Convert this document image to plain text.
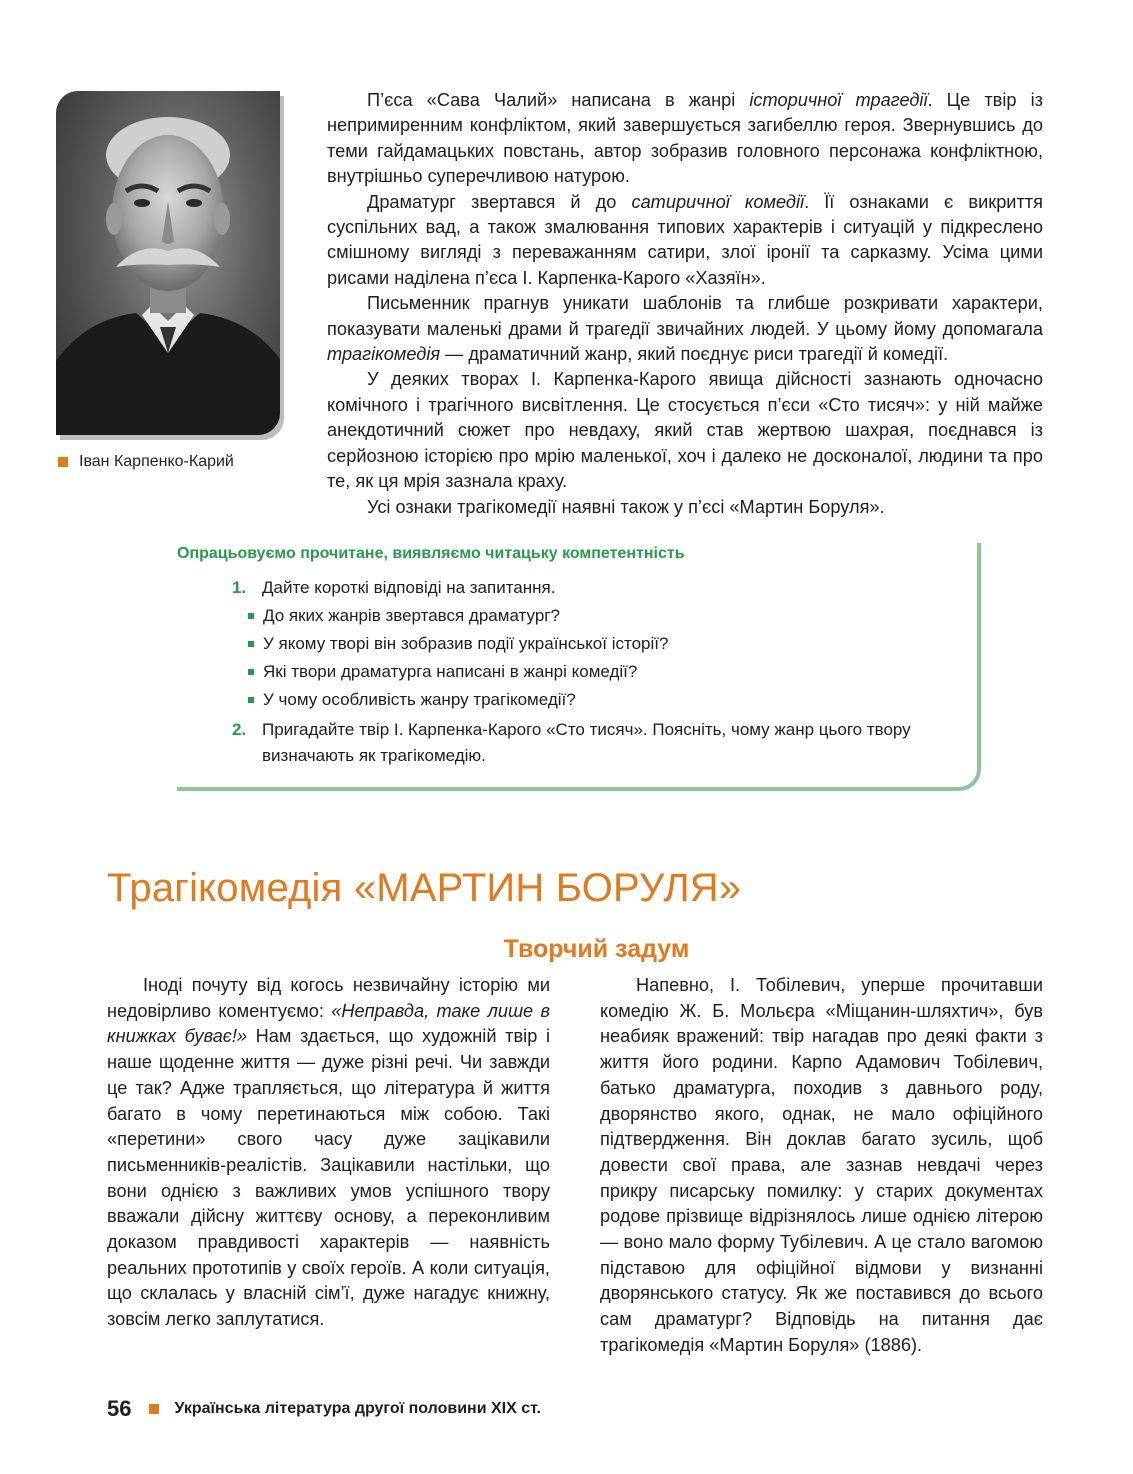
Іван Карпенко-Карий

П’єса «Сава Чалий» написана в жанрі історичної трагедії. Це твір із непримиренним конфліктом, який завершується загибеллю героя. Звернувшись до теми гайдамацьких повстань, автор зобразив головного персонажа конфліктною, внутрішньо суперечливою натурою.

Драматург звертався й до сатиричної комедії. Її ознаками є викриття суспільних вад, а також змалювання типових характерів і ситуацій у підкреслено смішному вигляді з переважанням сатири, злої іронії та сарказму. Усіма цими рисами наділена п’єса І. Карпенка-Карого «Хазяїн».

Письменник прагнув уникати шаблонів та глибше розкривати характери, показувати маленькі драми й трагедії звичайних людей. У цьому йому допомагала трагікомедія — драматичний жанр, який поєднує риси трагедії й комедії.

У деяких творах І. Карпенка-Карого явища дійсності зазнають одночасно комічного і трагічного висвітлення. Це стосується п’єси «Сто тисяч»: у ній майже анекдотичний сюжет про невдаху, який став жертвою шахрая, поєднався із серйозною історією про мрію маленької, хоч і далеко не досконалої, людини та про те, як ця мрія зазнала краху.

Усі ознаки трагікомедії наявні також у п’єсі «Мартин Боруля».

Опрацьовуємо прочитане, виявляємо читацьку компетентність
1. Дайте короткі відповіді на запитання.
До яких жанрів звертався драматург?
У якому творі він зобразив події української історії?
Які твори драматурга написані в жанрі комедії?
У чому особливість жанру трагікомедії?
2. Пригадайте твір І. Карпенка-Карого «Сто тисяч». Поясніть, чому жанр цього твору визначають як трагікомедію.
Трагікомедія «МАРТИН БОРУЛЯ»
Творчий задум

Іноді почуту від когось незвичайну історію ми недовірливо коментуємо: «Неправда, таке лише в книжках буває!» Нам здається, що художній твір і наше щоденне життя — дуже різні речі. Чи завжди це так? Адже трапляється, що література й життя багато в чому перетинаються між собою. Такі «перетини» свого часу дуже зацікавили письменників-реалістів. Зацікавили настільки, що вони однією з важливих умов успішного твору вважали дійсну життєву основу, а переконливим доказом правдивості характерів — наявність реальних прототипів у своїх героїв. А коли ситуація, що склалась у власній сім’ї, дуже нагадує книжну, зовсім легко заплутатися.

Напевно, І. Тобілевич, уперше прочитавши комедію Ж. Б. Мольєра «Міщанин-шляхтич», був неабияк вражений: твір нагадав про деякі факти з життя його родини. Карпо Адамович Тобілевич, батько драматурга, походив з давнього роду, дворянство якого, однак, не мало офіційного підтвердження. Він доклав багато зусиль, щоб довести свої права, але зазнав невдачі через прикру писарську помилку: у старих документах родове прізвище відрізнялось лише однією літерою — воно мало форму Тубілевич. А це стало вагомою підставою для офіційної відмови у визнанні дворянського статусу. Як же поставився до всього сам драматург? Відповідь на питання дає трагікомедія «Мартин Боруля» (1886).

56	Українська література другої половини XIX ст.
